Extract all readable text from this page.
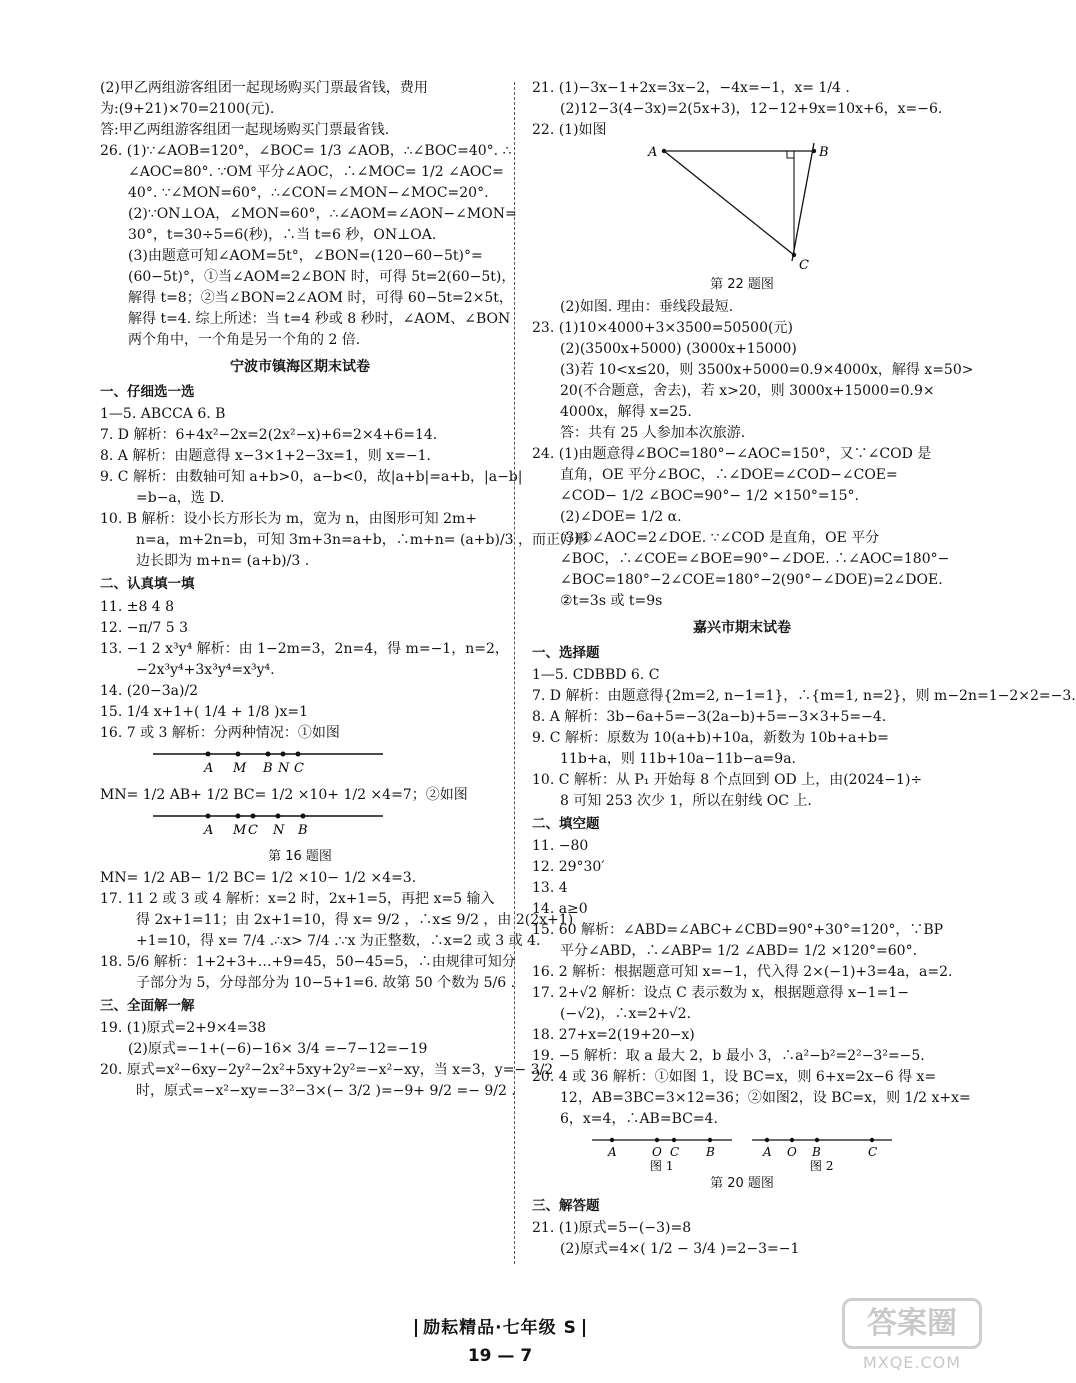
(2)甲乙两组游客组团一起现场购买门票最省钱，费用

为:(9+21)×70=2100(元).

答:甲乙两组游客组团一起现场购买门票最省钱.

26. (1)∵∠AOB=120°，∠BOC= 1/3 ∠AOB，∴∠BOC=40°. ∴

∠AOC=80°. ∵OM 平分∠AOC，∴∠MOC= 1/2 ∠AOC=

40°. ∵∠MON=60°，∴∠CON=∠MON−∠MOC=20°.

(2)∵ON⊥OA，∠MON=60°，∴∠AOM=∠AON−∠MON=

30°，t=30÷5=6(秒)，∴当 t=6 秒，ON⊥OA.

(3)由题意可知∠AOM=5t°，∠BON=(120−60−5t)°=

(60−5t)°，①当∠AOM=2∠BON 时，可得 5t=2(60−5t)，

解得 t=8；②当∠BON=2∠AOM 时，可得 60−5t=2×5t，

解得 t=4. 综上所述：当 t=4 秒或 8 秒时，∠AOM、∠BON

两个角中，一个角是另一个角的 2 倍.

宁波市镇海区期末试卷
一、仔细选一选

1—5. ABCCA 6. B

7. D 解析：6+4x²−2x=2(2x²−x)+6=2×4+6=14.

8. A 解析：由题意得 x−3×1+2−3x=1，则 x=−1.

9. C 解析：由数轴可知 a+b>0，a−b<0，故|a+b|=a+b，|a−b|

=b−a，选 D.

10. B 解析：设小长方形长为 m，宽为 n，由图形可知 2m+

n=a，m+2n=b，可知 3m+3n=a+b，∴m+n= (a+b)/3 ，而正方形

边长即为 m+n= (a+b)/3 .

二、认真填一填

11. ±8 4 8

12. −π/7 5 3

13. −1 2 x³y⁴ 解析：由 1−2m=3，2n=4，得 m=−1，n=2，

−2x³y⁴+3x³y⁴=x³y⁴.

14. (20−3a)/2

15. 1/4 x+1+( 1/4 + 1/8 )x=1

16. 7 或 3 解析：分两种情况：①如图

A M B N C

MN= 1/2 AB+ 1/2 BC= 1/2 ×10+ 1/2 ×4=7；②如图

A M C N B
第 16 题图

MN= 1/2 AB− 1/2 BC= 1/2 ×10− 1/2 ×4=3.

17. 11 2 或 3 或 4 解析：x=2 时，2x+1=5，再把 x=5 输入

得 2x+1=11；由 2x+1=10，得 x= 9/2 ，∴x≤ 9/2 ，由 2(2x+1)

+1=10，得 x= 7/4 .∴x> 7/4 .∵x 为正整数，∴x=2 或 3 或 4.

18. 5/6 解析：1+2+3+…+9=45，50−45=5，∴由规律可知分

子部分为 5，分母部分为 10−5+1=6. 故第 50 个数为 5/6 .

三、全面解一解

19. (1)原式=2+9×4=38

(2)原式=−1+(−6)−16× 3/4 =−7−12=−19

20. 原式=x²−6xy−2y²−2x²+5xy+2y²=−x²−xy，当 x=3，y=− 3/2

时，原式=−x²−xy=−3²−3×(− 3/2 )=−9+ 9/2 =− 9/2 .

21. (1)−3x−1+2x=3x−2，−4x=−1，x= 1/4 .

(2)12−3(4−3x)=2(5x+3)，12−12+9x=10x+6，x=−6.

22. (1)如图

A	B
C
第 22 题图

(2)如图. 理由：垂线段最短.

23. (1)10×4000+3×3500=50500(元)

(2)(3500x+5000) (3000x+15000)

(3)若 10<x≤20，则 3500x+5000=0.9×4000x，解得 x=50>

20(不合题意，舍去)，若 x>20，则 3000x+15000=0.9×

4000x，解得 x=25.

答：共有 25 人参加本次旅游.

24. (1)由题意得∠BOC=180°−∠AOC=150°，又∵∠COD 是

直角，OE 平分∠BOC，∴∠DOE=∠COD−∠COE=

∠COD− 1/2 ∠BOC=90°− 1/2 ×150°=15°.

(2)∠DOE= 1/2 α.

(3)①∠AOC=2∠DOE. ∵∠COD 是直角，OE 平分

∠BOC，∴∠COE=∠BOE=90°−∠DOE. ∴∠AOC=180°−

∠BOC=180°−2∠COE=180°−2(90°−∠DOE)=2∠DOE.

②t=3s 或 t=9s

嘉兴市期末试卷
一、选择题

1—5. CDBBD 6. C

7. D 解析：由题意得{2m=2, n−1=1}，∴{m=1, n=2}，则 m−2n=1−2×2=−3.

8. A 解析：3b−6a+5=−3(2a−b)+5=−3×3+5=−4.

9. C 解析：原数为 10(a+b)+10a，新数为 10b+a+b=

11b+a，则 11b+10a−11b−a=9a.

10. C 解析：从 P₁ 开始每 8 个点回到 OD 上，由(2024−1)÷

8 可知 253 次少 1，所以在射线 OC 上.

二、填空题

11. −80

12. 29°30′

13. 4

14. a≥0

15. 60 解析：∠ABD=∠ABC+∠CBD=90°+30°=120°，∵BP

平分∠ABD，∴∠ABP= 1/2 ∠ABD= 1/2 ×120°=60°.

16. 2 解析：根据题意可知 x=−1，代入得 2×(−1)+3=4a，a=2.

17. 2+√2 解析：设点 C 表示数为 x，根据题意得 x−1=1−

(−√2)，∴x=2+√2.

18. 27+x=2(19+20−x)

19. −5 解析：取 a 最大 2，b 最小 3，∴a²−b²=2²−3²=−5.

20. 4 或 36 解析：①如图 1，设 BC=x，则 6+x=2x−6 得 x=

12，AB=3BC=3×12=36；②如图2，设 BC=x，则 1/2 x+x=

6，x=4，∴AB=BC=4.

A	O C B
图 1
A O B	C
图 2
第 20 题图
三、解答题

21. (1)原式=5−(−3)=8

(2)原式=4×( 1/2 − 3/4 )=2−3=−1

励耘精品·七年级 S
19 — 7
答案圈
MXQE.COM
